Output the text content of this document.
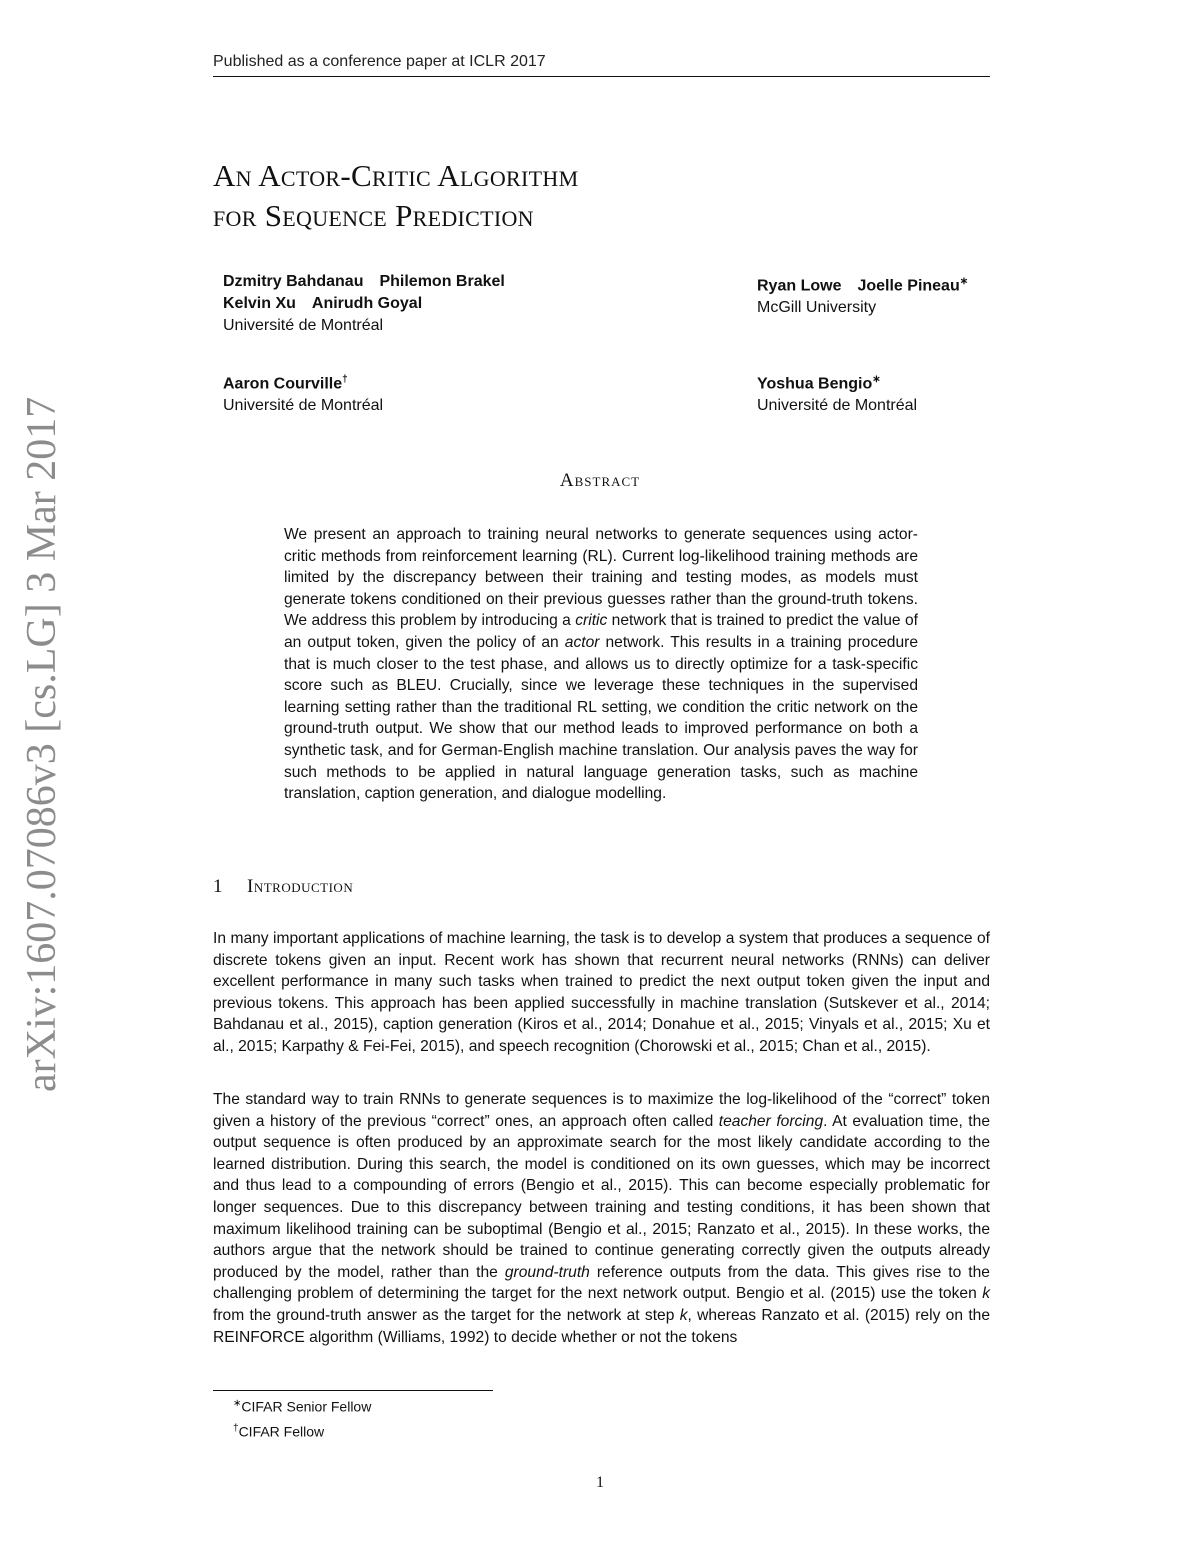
Published as a conference paper at ICLR 2017
An Actor-Critic Algorithm
for Sequence Prediction
Dzmitry Bahdanau Philemon Brakel
Kelvin Xu Anirudh Goyal
Université de Montréal
Ryan Lowe Joelle Pineau∗
McGill University
Aaron Courville†
Université de Montréal
Yoshua Bengio∗
Université de Montréal
Abstract
We present an approach to training neural networks to generate sequences using actor-critic methods from reinforcement learning (RL). Current log-likelihood training methods are limited by the discrepancy between their training and testing modes, as models must generate tokens conditioned on their previous guesses rather than the ground-truth tokens. We address this problem by introducing a critic network that is trained to predict the value of an output token, given the policy of an actor network. This results in a training procedure that is much closer to the test phase, and allows us to directly optimize for a task-specific score such as BLEU. Crucially, since we leverage these techniques in the supervised learning setting rather than the traditional RL setting, we condition the critic network on the ground-truth output. We show that our method leads to improved performance on both a synthetic task, and for German-English machine translation. Our analysis paves the way for such methods to be applied in natural language generation tasks, such as machine translation, caption generation, and dialogue modelling.
1 Introduction
In many important applications of machine learning, the task is to develop a system that produces a sequence of discrete tokens given an input. Recent work has shown that recurrent neural networks (RNNs) can deliver excellent performance in many such tasks when trained to predict the next output token given the input and previous tokens. This approach has been applied successfully in machine translation (Sutskever et al., 2014; Bahdanau et al., 2015), caption generation (Kiros et al., 2014; Donahue et al., 2015; Vinyals et al., 2015; Xu et al., 2015; Karpathy & Fei-Fei, 2015), and speech recognition (Chorowski et al., 2015; Chan et al., 2015).
The standard way to train RNNs to generate sequences is to maximize the log-likelihood of the “correct” token given a history of the previous “correct” ones, an approach often called teacher forcing. At evaluation time, the output sequence is often produced by an approximate search for the most likely candidate according to the learned distribution. During this search, the model is conditioned on its own guesses, which may be incorrect and thus lead to a compounding of errors (Bengio et al., 2015). This can become especially problematic for longer sequences. Due to this discrepancy between training and testing conditions, it has been shown that maximum likelihood training can be suboptimal (Bengio et al., 2015; Ranzato et al., 2015). In these works, the authors argue that the network should be trained to continue generating correctly given the outputs already produced by the model, rather than the ground-truth reference outputs from the data. This gives rise to the challenging problem of determining the target for the next network output. Bengio et al. (2015) use the token k from the ground-truth answer as the target for the network at step k, whereas Ranzato et al. (2015) rely on the REINFORCE algorithm (Williams, 1992) to decide whether or not the tokens
∗CIFAR Senior Fellow
†CIFAR Fellow
1
arXiv:1607.07086v3 [cs.LG] 3 Mar 2017
